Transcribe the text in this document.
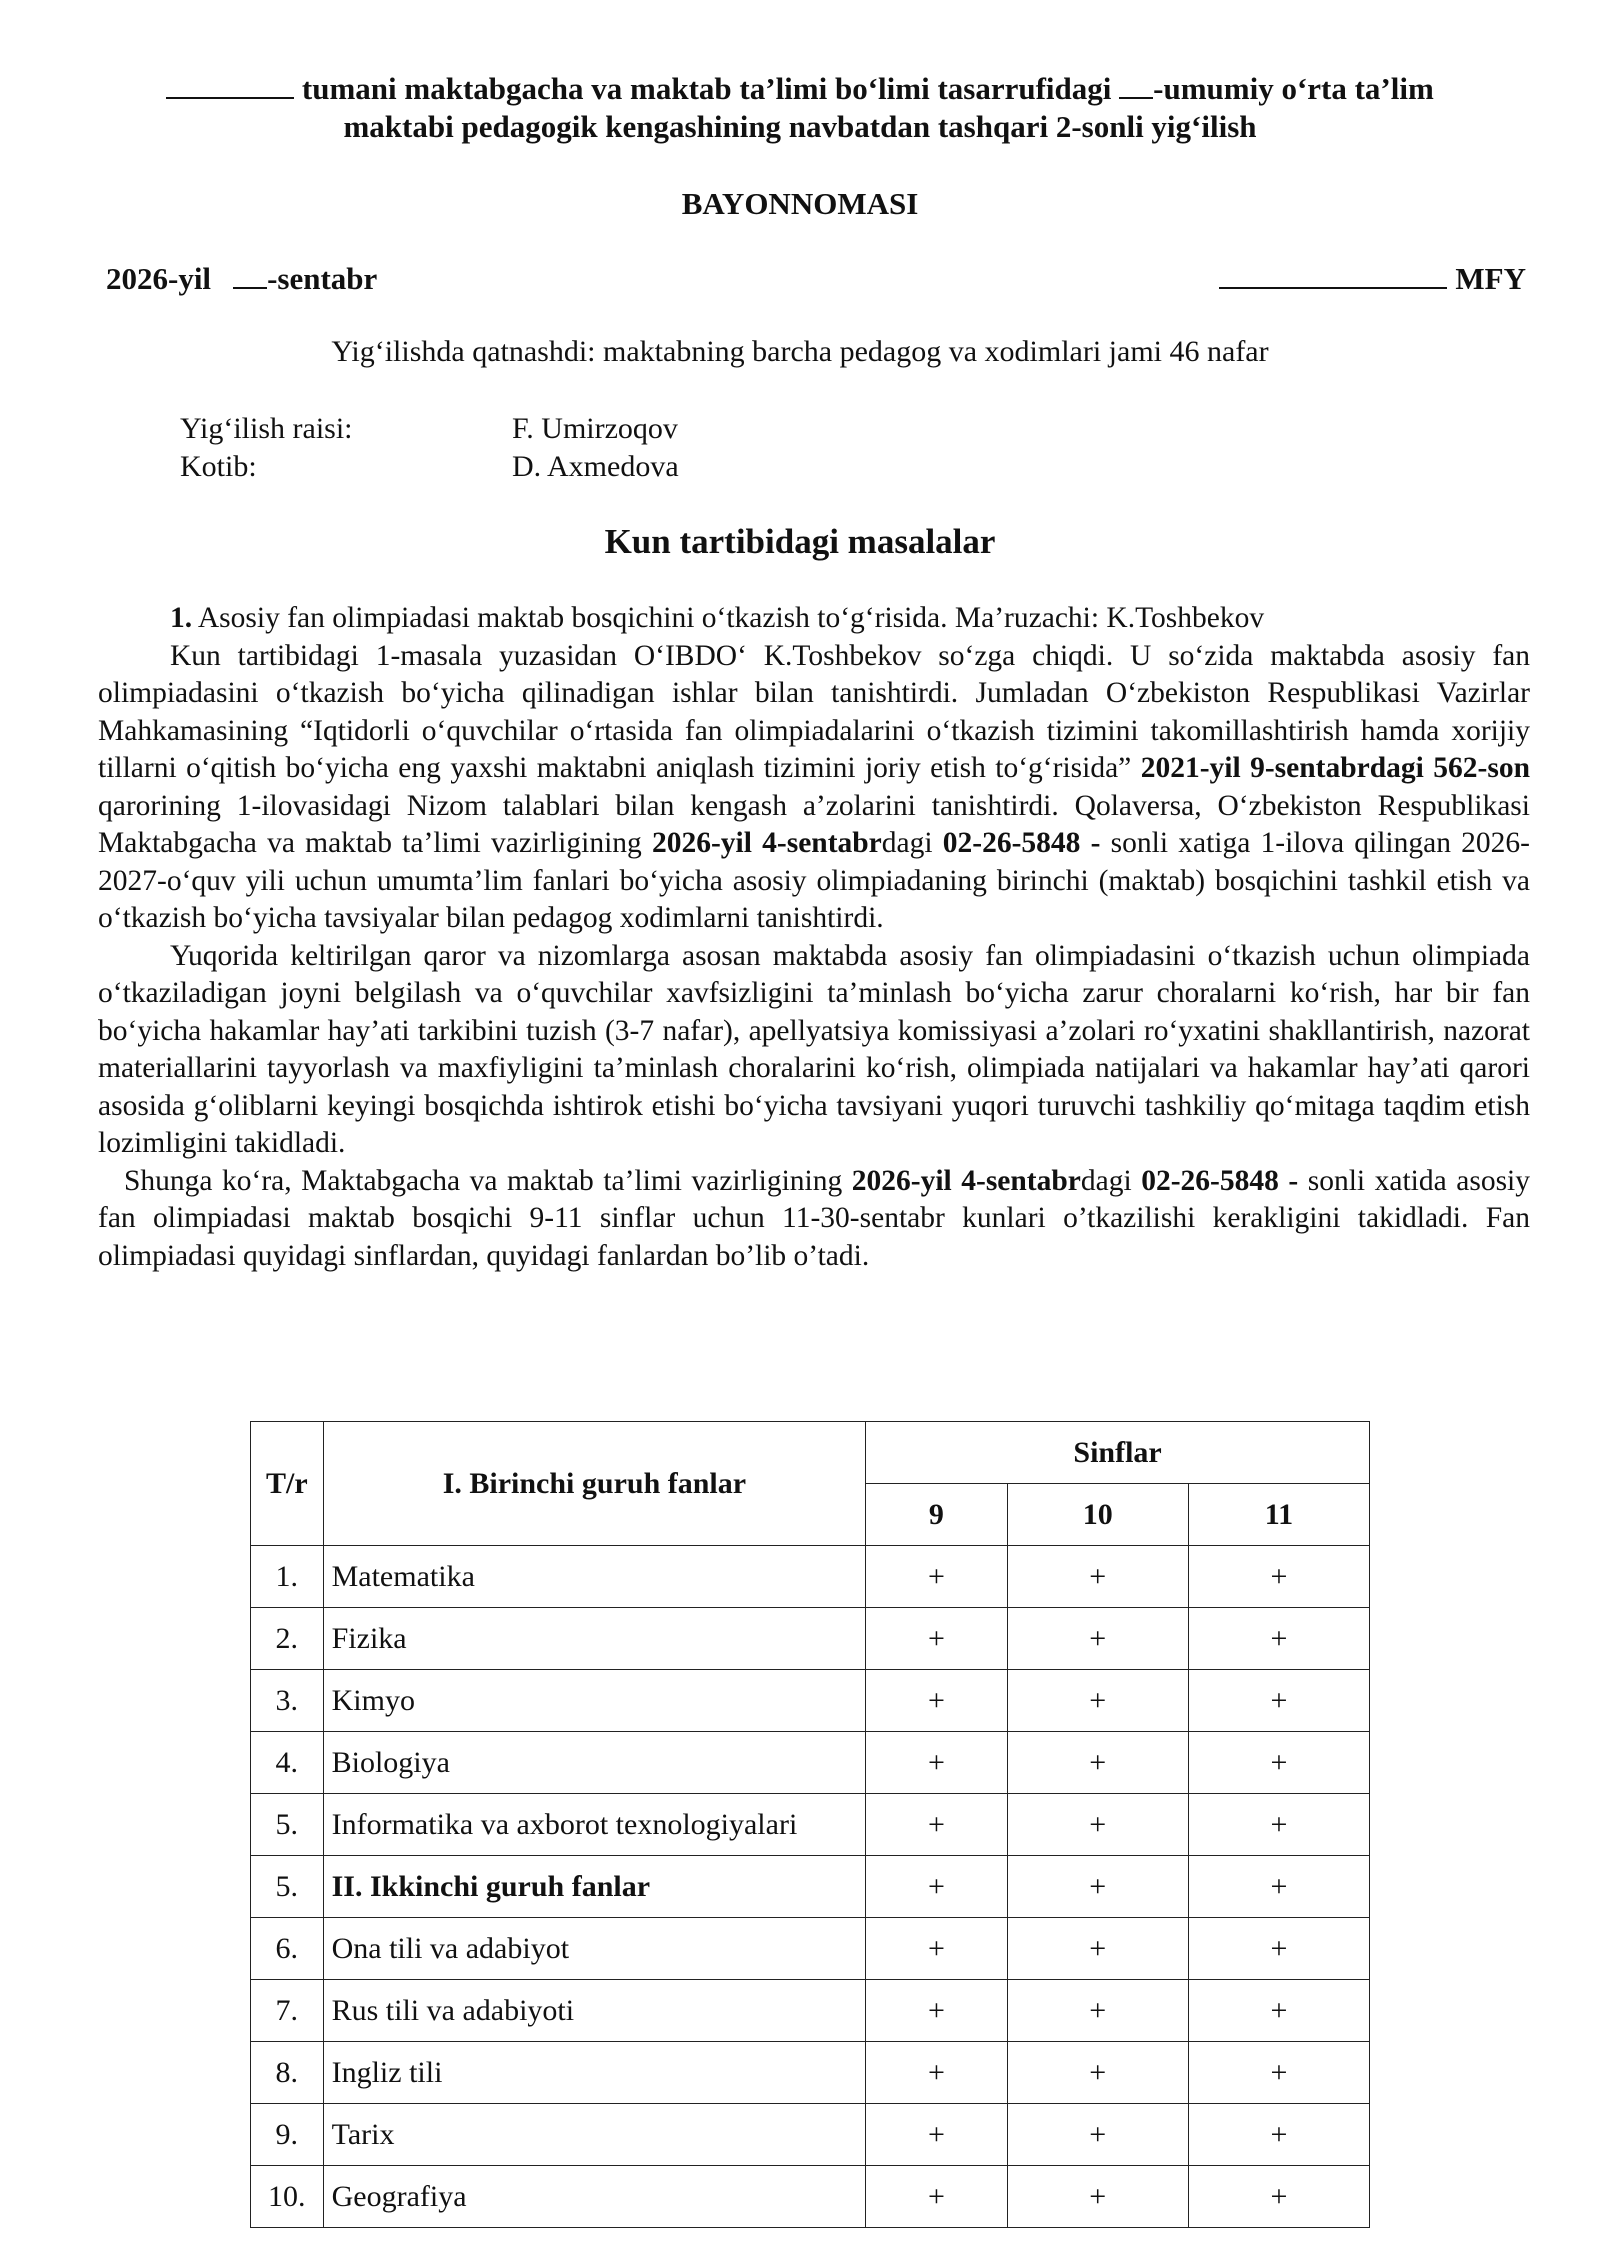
tumani maktabgacha va maktab ta’limi bo‘limi tasarrufidagi -umumiy o‘rta ta’lim
maktabi pedagogik kengashining navbatdan tashqari 2-sonli yig‘ilish
BAYONNOMASI
2026-yil -sentabr	MFY
Yig‘ilishda qatnashdi: maktabning barcha pedagog va xodimlari jami 46 nafar
Yig‘ilish raisi:	F. Umirzoqov
Kotib:	D. Axmedova
Kun tartibidagi masalalar

1. Asosiy fan olimpiadasi maktab bosqichini o‘tkazish to‘g‘risida. Ma’ruzachi: K.Toshbekov

Kun tartibidagi 1-masala yuzasidan O‘IBDO‘ K.Toshbekov so‘zga chiqdi. U so‘zida maktabda asosiy fan olimpiadasini o‘tkazish bo‘yicha qilinadigan ishlar bilan tanishtirdi. Jumladan O‘zbekiston Respublikasi Vazirlar Mahkamasining “Iqtidorli o‘quvchilar o‘rtasida fan olimpiadalarini o‘tkazish tizimini takomillashtirish hamda xorijiy tillarni o‘qitish bo‘yicha eng yaxshi maktabni aniqlash tizimini joriy etish to‘g‘risida” 2021-yil 9-sentabrdagi 562-son qarorining 1-ilovasidagi Nizom talablari bilan kengash a’zolarini tanishtirdi. Qolaversa, O‘zbekiston Respublikasi Maktabgacha va maktab ta’limi vazirligining 2026-yil 4-sentabrdagi 02-26-5848 - sonli xatiga 1-ilova qilingan 2026-2027-o‘quv yili uchun umumta’lim fanlari bo‘yicha asosiy olimpiadaning birinchi (maktab) bosqichini tashkil etish va o‘tkazish bo‘yicha tavsiyalar bilan pedagog xodimlarni tanishtirdi.

Yuqorida keltirilgan qaror va nizomlarga asosan maktabda asosiy fan olimpiadasini o‘tkazish uchun olimpiada o‘tkaziladigan joyni belgilash va o‘quvchilar xavfsizligini ta’minlash bo‘yicha zarur choralarni ko‘rish, har bir fan bo‘yicha hakamlar hay’ati tarkibini tuzish (3-7 nafar), apellyatsiya komissiyasi a’zolari ro‘yxatini shakllantirish, nazorat materiallarini tayyorlash va maxfiyligini ta’minlash choralarini ko‘rish, olimpiada natijalari va hakamlar hay’ati qarori asosida g‘oliblarni keyingi bosqichda ishtirok etishi bo‘yicha tavsiyani yuqori turuvchi tashkiliy qo‘mitaga taqdim etish lozimligini takidladi.

Shunga ko‘ra, Maktabgacha va maktab ta’limi vazirligining 2026-yil 4-sentabrdagi 02-26-5848 - sonli xatida asosiy fan olimpiadasi maktab bosqichi 9-11 sinflar uchun 11-30-sentabr kunlari o’tkazilishi kerakligini takidladi. Fan olimpiadasi quyidagi sinflardan, quyidagi fanlardan bo’lib o’tadi.

T/r	I. Birinchi guruh fanlar	Sinflar		
		9	10	11
1.	Matematika	+	+	+
2.	Fizika	+	+	+
3.	Kimyo	+	+	+
4.	Biologiya	+	+	+
5.	Informatika va axborot texnologiyalari	+	+	+
5.	II. Ikkinchi guruh fanlar	+	+	+
6.	Ona tili va adabiyot	+	+	+
7.	Rus tili va adabiyoti	+	+	+
8.	Ingliz tili	+	+	+
9.	Tarix	+	+	+
10.	Geografiya	+	+	+
